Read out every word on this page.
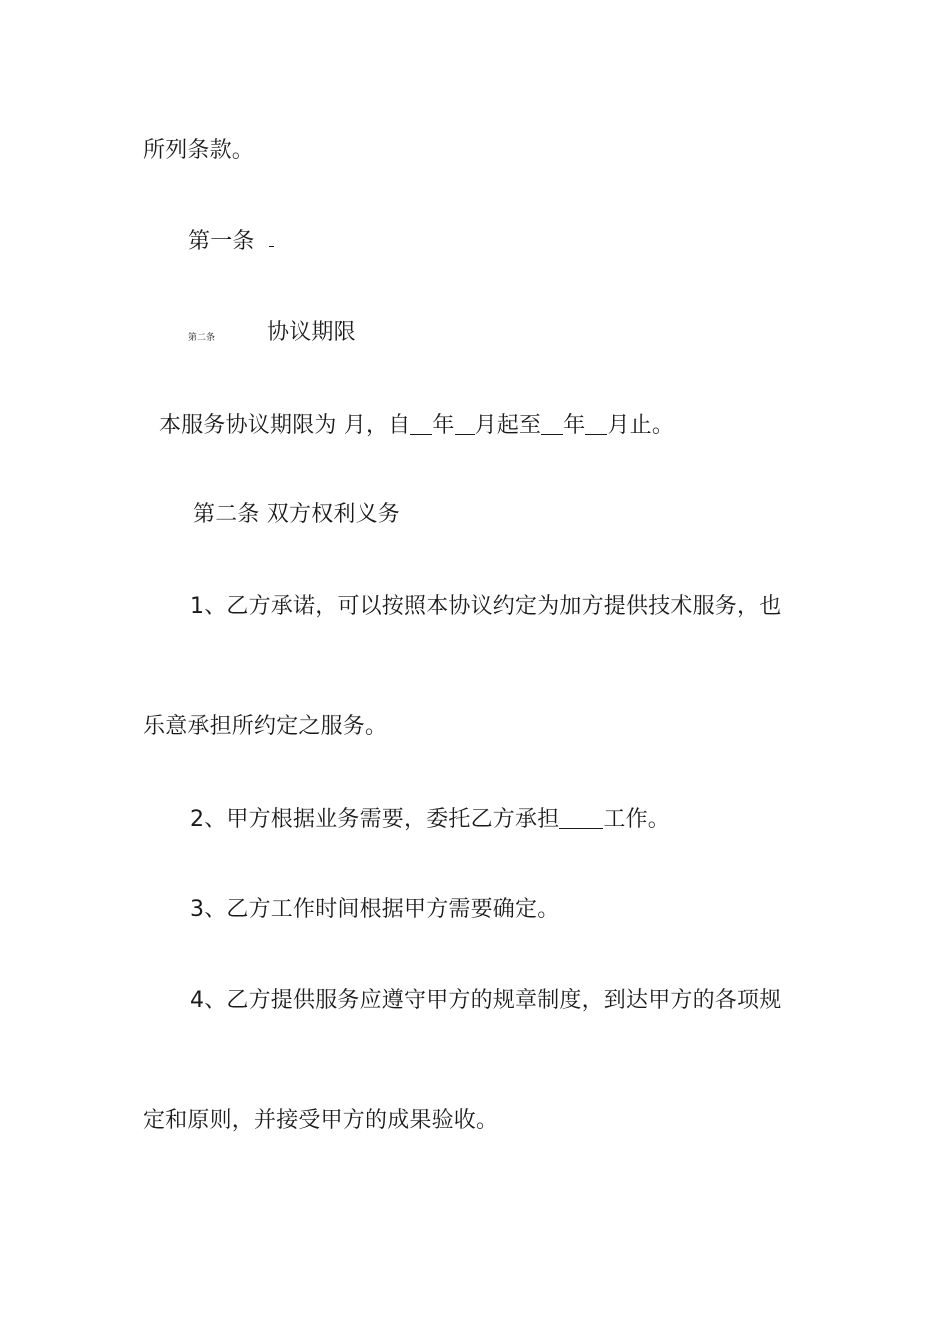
所列条款。
第一条
第二条 协议期限
本服务协议期限为 月，自 年 月起至 年 月止。
第二条 双方权利义务
1、乙方承诺，可以按照本协议约定为加方提供技术服务，也
乐意承担所约定之服务。
2、甲方根据业务需要，委托乙方承担 工作。
3、乙方工作时间根据甲方需要确定。
4、乙方提供服务应遵守甲方的规章制度，到达甲方的各项规
定和原则，并接受甲方的成果验收。
